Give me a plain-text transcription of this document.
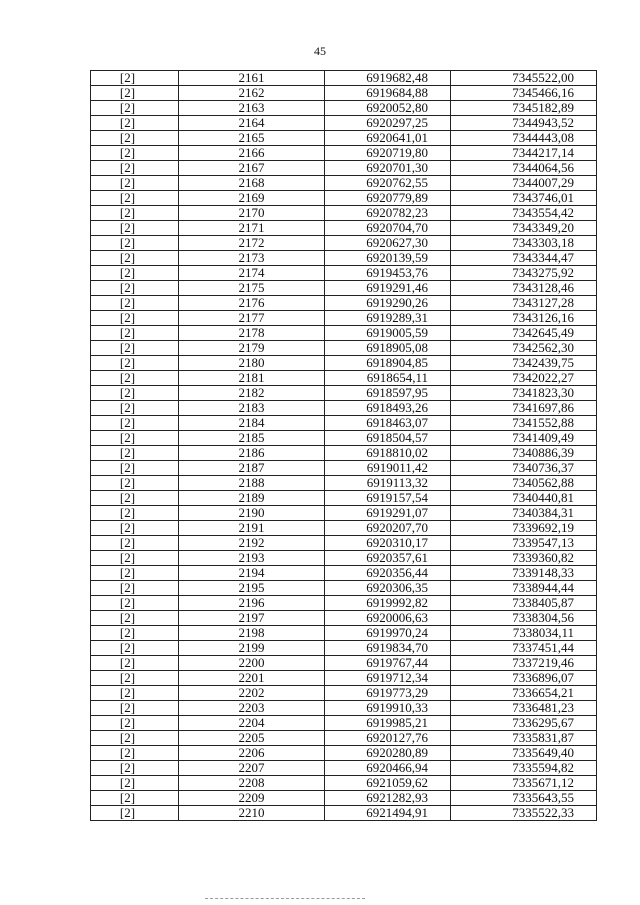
45
[2]	2161	6919682,48	7345522,00
[2]	2162	6919684,88	7345466,16
[2]	2163	6920052,80	7345182,89
[2]	2164	6920297,25	7344943,52
[2]	2165	6920641,01	7344443,08
[2]	2166	6920719,80	7344217,14
[2]	2167	6920701,30	7344064,56
[2]	2168	6920762,55	7344007,29
[2]	2169	6920779,89	7343746,01
[2]	2170	6920782,23	7343554,42
[2]	2171	6920704,70	7343349,20
[2]	2172	6920627,30	7343303,18
[2]	2173	6920139,59	7343344,47
[2]	2174	6919453,76	7343275,92
[2]	2175	6919291,46	7343128,46
[2]	2176	6919290,26	7343127,28
[2]	2177	6919289,31	7343126,16
[2]	2178	6919005,59	7342645,49
[2]	2179	6918905,08	7342562,30
[2]	2180	6918904,85	7342439,75
[2]	2181	6918654,11	7342022,27
[2]	2182	6918597,95	7341823,30
[2]	2183	6918493,26	7341697,86
[2]	2184	6918463,07	7341552,88
[2]	2185	6918504,57	7341409,49
[2]	2186	6918810,02	7340886,39
[2]	2187	6919011,42	7340736,37
[2]	2188	6919113,32	7340562,88
[2]	2189	6919157,54	7340440,81
[2]	2190	6919291,07	7340384,31
[2]	2191	6920207,70	7339692,19
[2]	2192	6920310,17	7339547,13
[2]	2193	6920357,61	7339360,82
[2]	2194	6920356,44	7339148,33
[2]	2195	6920306,35	7338944,44
[2]	2196	6919992,82	7338405,87
[2]	2197	6920006,63	7338304,56
[2]	2198	6919970,24	7338034,11
[2]	2199	6919834,70	7337451,44
[2]	2200	6919767,44	7337219,46
[2]	2201	6919712,34	7336896,07
[2]	2202	6919773,29	7336654,21
[2]	2203	6919910,33	7336481,23
[2]	2204	6919985,21	7336295,67
[2]	2205	6920127,76	7335831,87
[2]	2206	6920280,89	7335649,40
[2]	2207	6920466,94	7335594,82
[2]	2208	6921059,62	7335671,12
[2]	2209	6921282,93	7335643,55
[2]	2210	6921494,91	7335522,33
